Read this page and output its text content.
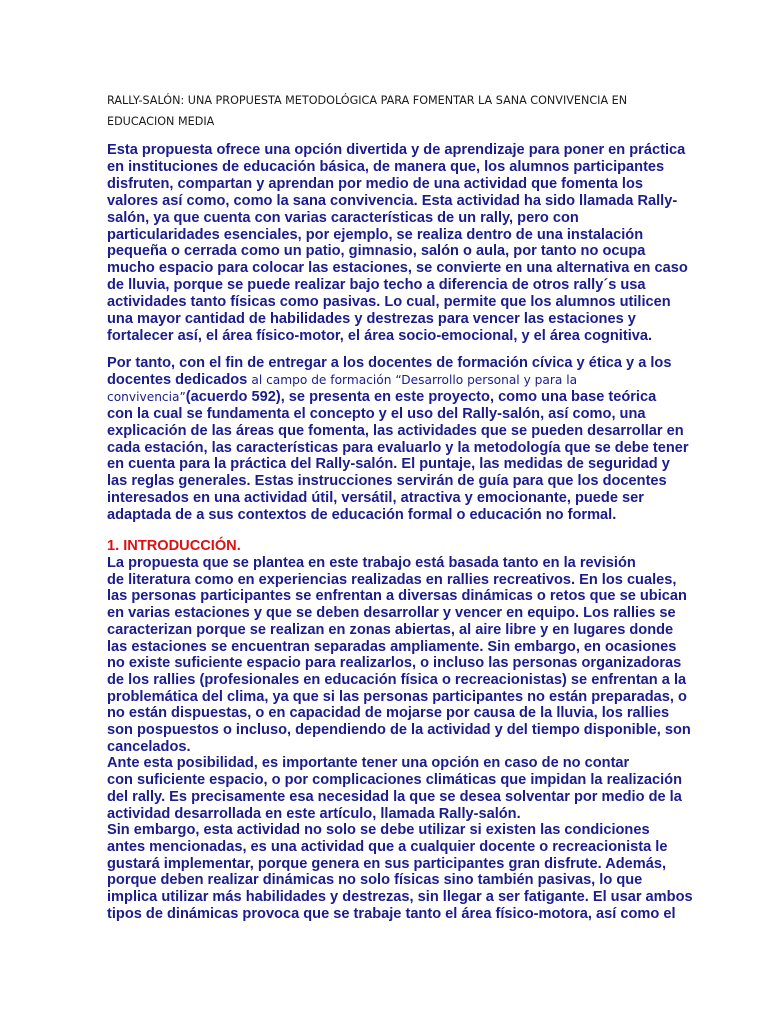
RALLY-SALÓN: UNA PROPUESTA METODOLÓGICA PARA FOMENTAR LA SANA CONVIVENCIA EN
EDUCACION MEDIA

Esta propuesta ofrece una opción divertida y de aprendizaje para poner en práctica
en instituciones de educación básica, de manera que, los alumnos participantes
disfruten, compartan y aprendan por medio de una actividad que fomenta los
valores así como, como la sana convivencia. Esta actividad ha sido llamada Rally-
salón, ya que cuenta con varias características de un rally, pero con
particularidades esenciales, por ejemplo, se realiza dentro de una instalación
pequeña o cerrada como un patio, gimnasio, salón o aula, por tanto no ocupa
mucho espacio para colocar las estaciones, se convierte en una alternativa en caso
de lluvia, porque se puede realizar bajo techo a diferencia de otros rally´s usa
actividades tanto físicas como pasivas. Lo cual, permite que los alumnos utilicen
una mayor cantidad de habilidades y destrezas para vencer las estaciones y
fortalecer así, el área físico-motor, el área socio-emocional, y el área cognitiva.

Por tanto, con el fin de entregar a los docentes de formación cívica y ética y a los
docentes dedicados al campo de formación “Desarrollo personal y para la
convivencia”(acuerdo 592), se presenta en este proyecto, como una base teórica
con la cual se fundamenta el concepto y el uso del Rally-salón, así como, una
explicación de las áreas que fomenta, las actividades que se pueden desarrollar en
cada estación, las características para evaluarlo y la metodología que se debe tener
en cuenta para la práctica del Rally-salón. El puntaje, las medidas de seguridad y
las reglas generales. Estas instrucciones servirán de guía para que los docentes
interesados en una actividad útil, versátil, atractiva y emocionante, puede ser
adaptada de a sus contextos de educación formal o educación no formal.

1. INTRODUCCIÓN.

La propuesta que se plantea en este trabajo está basada tanto en la revisión
de literatura como en experiencias realizadas en rallies recreativos. En los cuales,
las personas participantes se enfrentan a diversas dinámicas o retos que se ubican
en varias estaciones y que se deben desarrollar y vencer en equipo. Los rallies se
caracterizan porque se realizan en zonas abiertas, al aire libre y en lugares donde
las estaciones se encuentran separadas ampliamente. Sin embargo, en ocasiones
no existe suficiente espacio para realizarlos, o incluso las personas organizadoras
de los rallies (profesionales en educación física o recreacionistas) se enfrentan a la
problemática del clima, ya que si las personas participantes no están preparadas, o
no están dispuestas, o en capacidad de mojarse por causa de la lluvia, los rallies
son pospuestos o incluso, dependiendo de la actividad y del tiempo disponible, son
cancelados.
Ante esta posibilidad, es importante tener una opción en caso de no contar
con suficiente espacio, o por complicaciones climáticas que impidan la realización
del rally. Es precisamente esa necesidad la que se desea solventar por medio de la
actividad desarrollada en este artículo, llamada Rally-salón.
Sin embargo, esta actividad no solo se debe utilizar si existen las condiciones
antes mencionadas, es una actividad que a cualquier docente o recreacionista le
gustará implementar, porque genera en sus participantes gran disfrute. Además,
porque deben realizar dinámicas no solo físicas sino también pasivas, lo que
implica utilizar más habilidades y destrezas, sin llegar a ser fatigante. El usar ambos
tipos de dinámicas provoca que se trabaje tanto el área físico-motora, así como el
